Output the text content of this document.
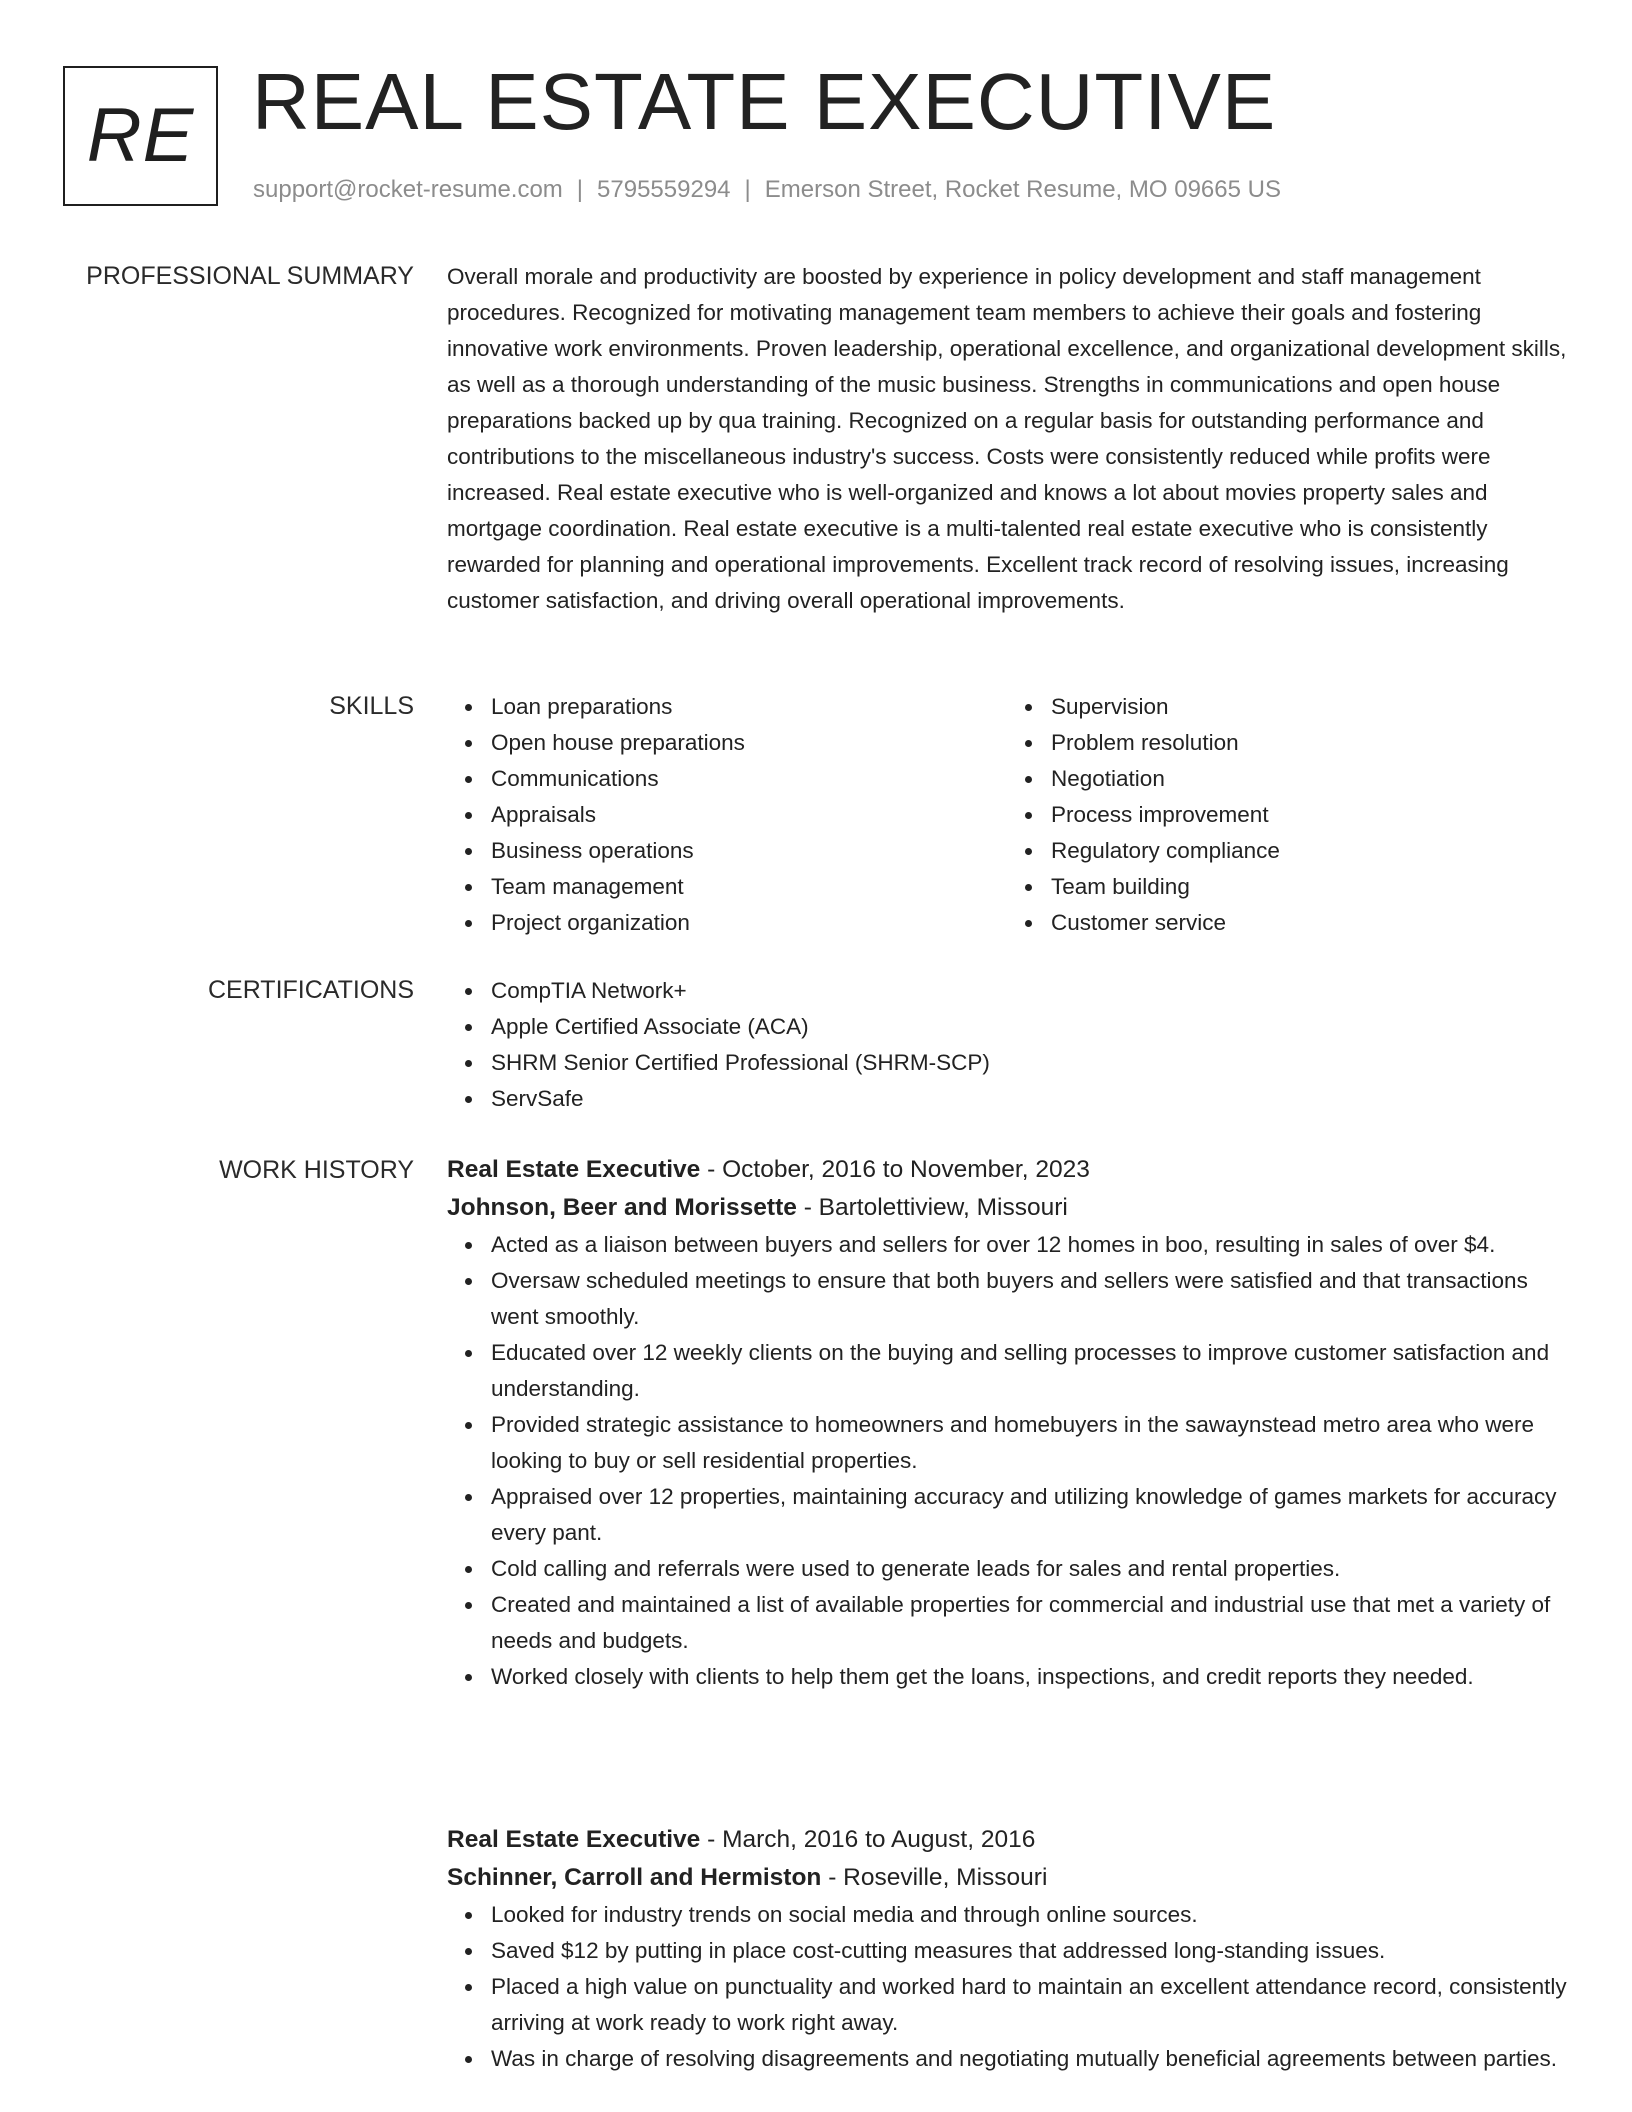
RE REAL ESTATE EXECUTIVE
support@rocket-resume.com | 5795559294 | Emerson Street, Rocket Resume, MO 09665 US
PROFESSIONAL SUMMARY Overall morale and productivity are boosted by experience in policy development and staff management procedures. Recognized for motivating management team members to achieve their goals and fostering innovative work environments. Proven leadership, operational excellence, and organizational development skills, as well as a thorough understanding of the music business. Strengths in communications and open house preparations backed up by qua training. Recognized on a regular basis for outstanding performance and contributions to the miscellaneous industry's success. Costs were consistently reduced while profits were increased. Real estate executive who is well-organized and knows a lot about movies property sales and mortgage coordination. Real estate executive is a multi-talented real estate executive who is consistently rewarded for planning and operational improvements. Excellent track record of resolving issues, increasing customer satisfaction, and driving overall operational improvements.

SKILLS	Loan preparations
Open house preparations
Communications
Appraisals
Business operations
Team management
Project organization
Supervision
Problem resolution
Negotiation
Process improvement
Regulatory compliance
Team building
Customer service
CERTIFICATIONS	CompTIA Network+
Apple Certified Associate (ACA)
SHRM Senior Certified Professional (SHRM-SCP)
ServSafe
WORK HISTORY Real Estate Executive - October, 2016 to November, 2023
Johnson, Beer and Morissette - Bartolettiview, Missouri
Acted as a liaison between buyers and sellers for over 12 homes in boo, resulting in sales of over $4.
Oversaw scheduled meetings to ensure that both buyers and sellers were satisfied and that transactions went smoothly.
Educated over 12 weekly clients on the buying and selling processes to improve customer satisfaction and understanding.
Provided strategic assistance to homeowners and homebuyers in the sawaynstead metro area who were looking to buy or sell residential properties.
Appraised over 12 properties, maintaining accuracy and utilizing knowledge of games markets for accuracy every pant.
Cold calling and referrals were used to generate leads for sales and rental properties.
Created and maintained a list of available properties for commercial and industrial use that met a variety of needs and budgets.
Worked closely with clients to help them get the loans, inspections, and credit reports they needed.
Real Estate Executive - March, 2016 to August, 2016
Schinner, Carroll and Hermiston - Roseville, Missouri
Looked for industry trends on social media and through online sources.
Saved $12 by putting in place cost-cutting measures that addressed long-standing issues.
Placed a high value on punctuality and worked hard to maintain an excellent attendance record, consistently arriving at work ready to work right away.
Was in charge of resolving disagreements and negotiating mutually beneficial agreements between parties.
